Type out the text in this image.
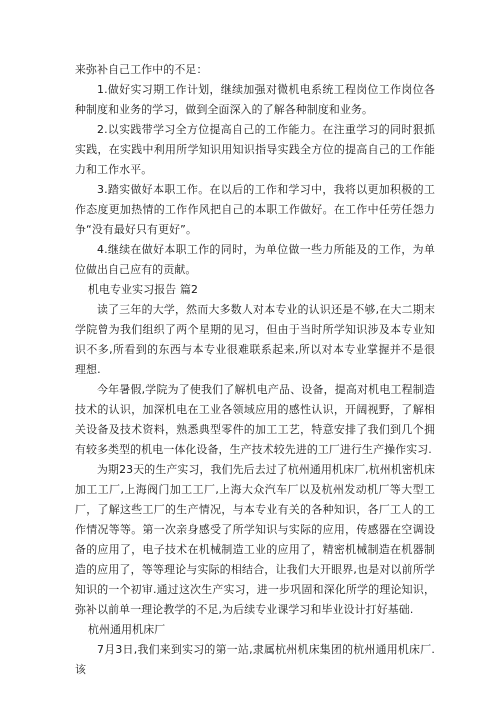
来弥补自己工作中的不足：

1.做好实习期工作计划，继续加强对微机电系统工程岗位工作岗位各种制度和业务的学习，做到全面深入的了解各种制度和业务。

2.以实践带学习全方位提高自己的工作能力。在注重学习的同时狠抓实践，在实践中利用所学知识用知识指导实践全方位的提高自己的工作能力和工作水平。

3.踏实做好本职工作。在以后的工作和学习中，我将以更加积极的工作态度更加热情的工作作风把自己的本职工作做好。在工作中任劳任怨力争“没有最好只有更好”。

4.继续在做好本职工作的同时，为单位做一些力所能及的工作，为单位做出自己应有的贡献。

机电专业实习报告 篇2

读了三年的大学，然而大多数人对本专业的认识还是不够,在大二期末学院曾为我们组织了两个星期的见习，但由于当时所学知识涉及本专业知识不多,所看到的东西与本专业很难联系起来,所以对本专业掌握并不是很理想.

今年暑假,学院为了使我们了解机电产品、设备，提高对机电工程制造技术的认识，加深机电在工业各领域应用的感性认识，开阔视野，了解相关设备及技术资料，熟悉典型零件的加工工艺，特意安排了我们到几个拥有较多类型的机电一体化设备，生产技术较先进的工厂进行生产操作实习.

为期23天的生产实习，我们先后去过了杭州通用机床厂,杭州机密机床加工工厂,上海阀门加工工厂,上海大众汽车厂以及杭州发动机厂等大型工厂，了解这些工厂的生产情况，与本专业有关的各种知识，各厂工人的工作情况等等。第一次亲身感受了所学知识与实际的应用，传感器在空调设备的应用了，电子技术在机械制造工业的应用了，精密机械制造在机器制造的应用了，等等理论与实际的相结合，让我们大开眼界,也是对以前所学知识的一个初审.通过这次生产实习，进一步巩固和深化所学的理论知识，弥补以前单一理论教学的不足,为后续专业课学习和毕业设计打好基础.

杭州通用机床厂

7月3日,我们来到实习的第一站,隶属杭州机床集团的杭州通用机床厂.该
